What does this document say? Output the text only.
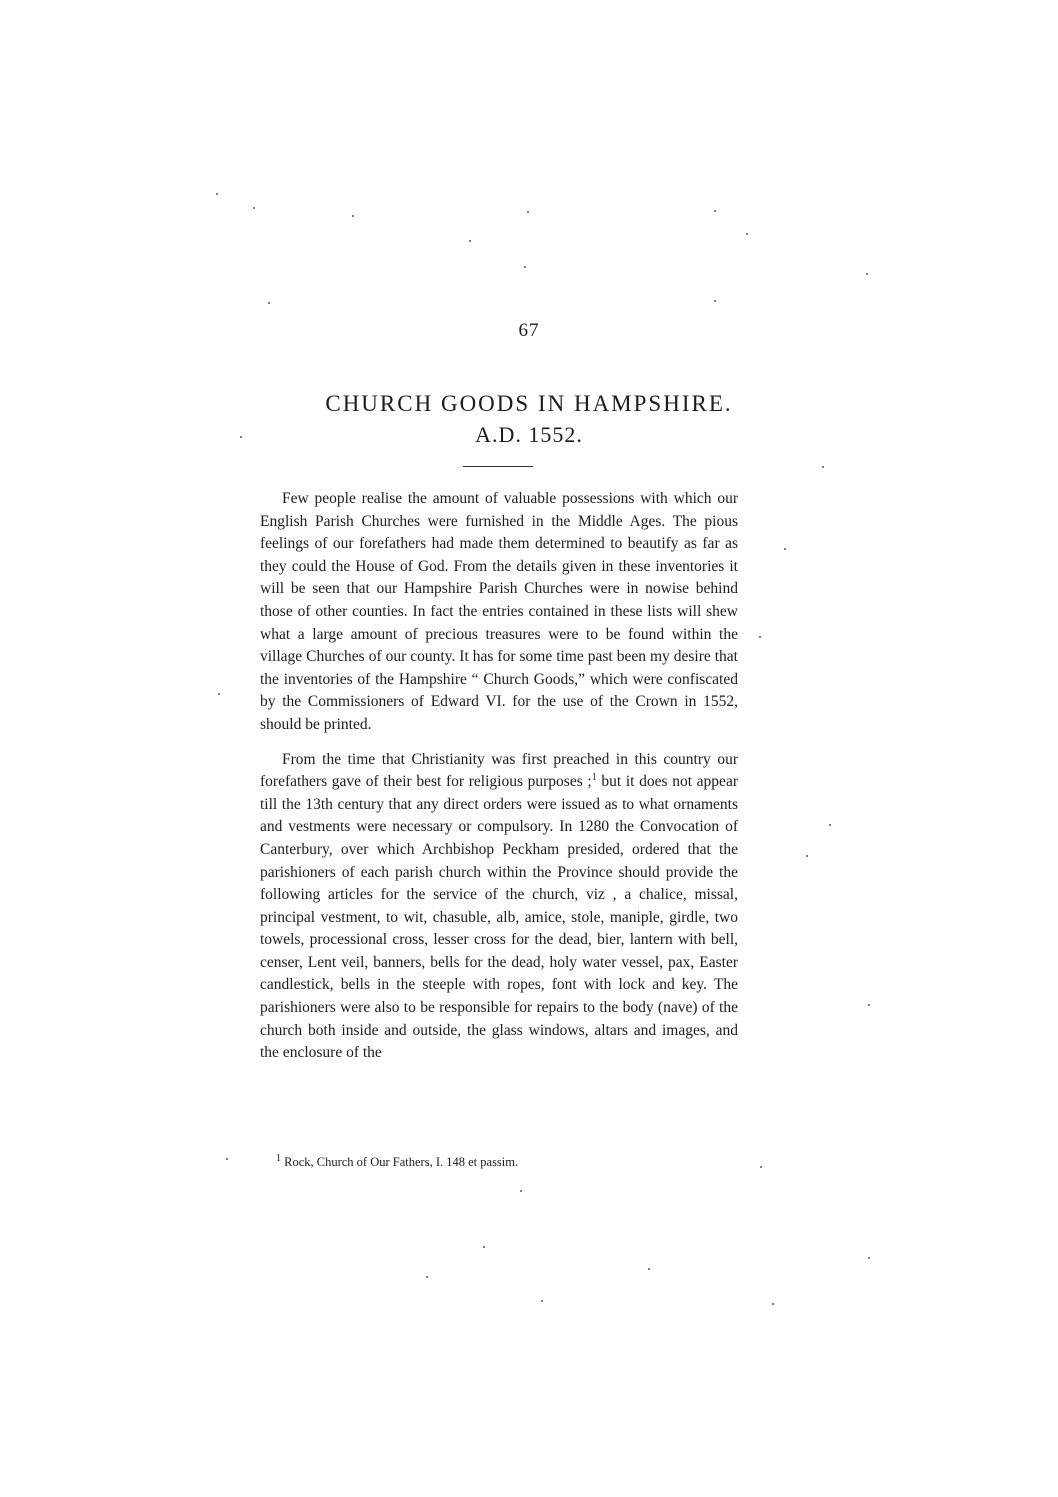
67
CHURCH GOODS IN HAMPSHIRE.
A.D. 1552.

Few people realise the amount of valuable possessions with which our English Parish Churches were furnished in the Middle Ages. The pious feelings of our forefathers had made them determined to beautify as far as they could the House of God. From the details given in these inventories it will be seen that our Hampshire Parish Churches were in nowise behind those of other counties. In fact the entries contained in these lists will shew what a large amount of precious treasures were to be found within the village Churches of our county. It has for some time past been my desire that the inventories of the Hampshire “ Church Goods,” which were confiscated by the Commissioners of Edward VI. for the use of the Crown in 1552, should be printed.

From the time that Christianity was first preached in this country our forefathers gave of their best for religious purposes ;$^1$ but it does not appear till the 13th century that any direct orders were issued as to what ornaments and vestments were necessary or compulsory. In 1280 the Convocation of Canterbury, over which Archbishop Peckham presided, ordered that the parishioners of each parish church within the Province should provide the following articles for the service of the church, viz , a chalice, missal, principal vestment, to wit, chasuble, alb, amice, stole, maniple, girdle, two towels, processional cross, lesser cross for the dead, bier, lantern with bell, censer, Lent veil, banners, bells for the dead, holy water vessel, pax, Easter candlestick, bells in the steeple with ropes, font with lock and key. The parishioners were also to be responsible for repairs to the body (nave) of the church both inside and outside, the glass windows, altars and images, and the enclosure of the

$^1$ Rock, Church of Our Fathers, I. 148 et passim.
